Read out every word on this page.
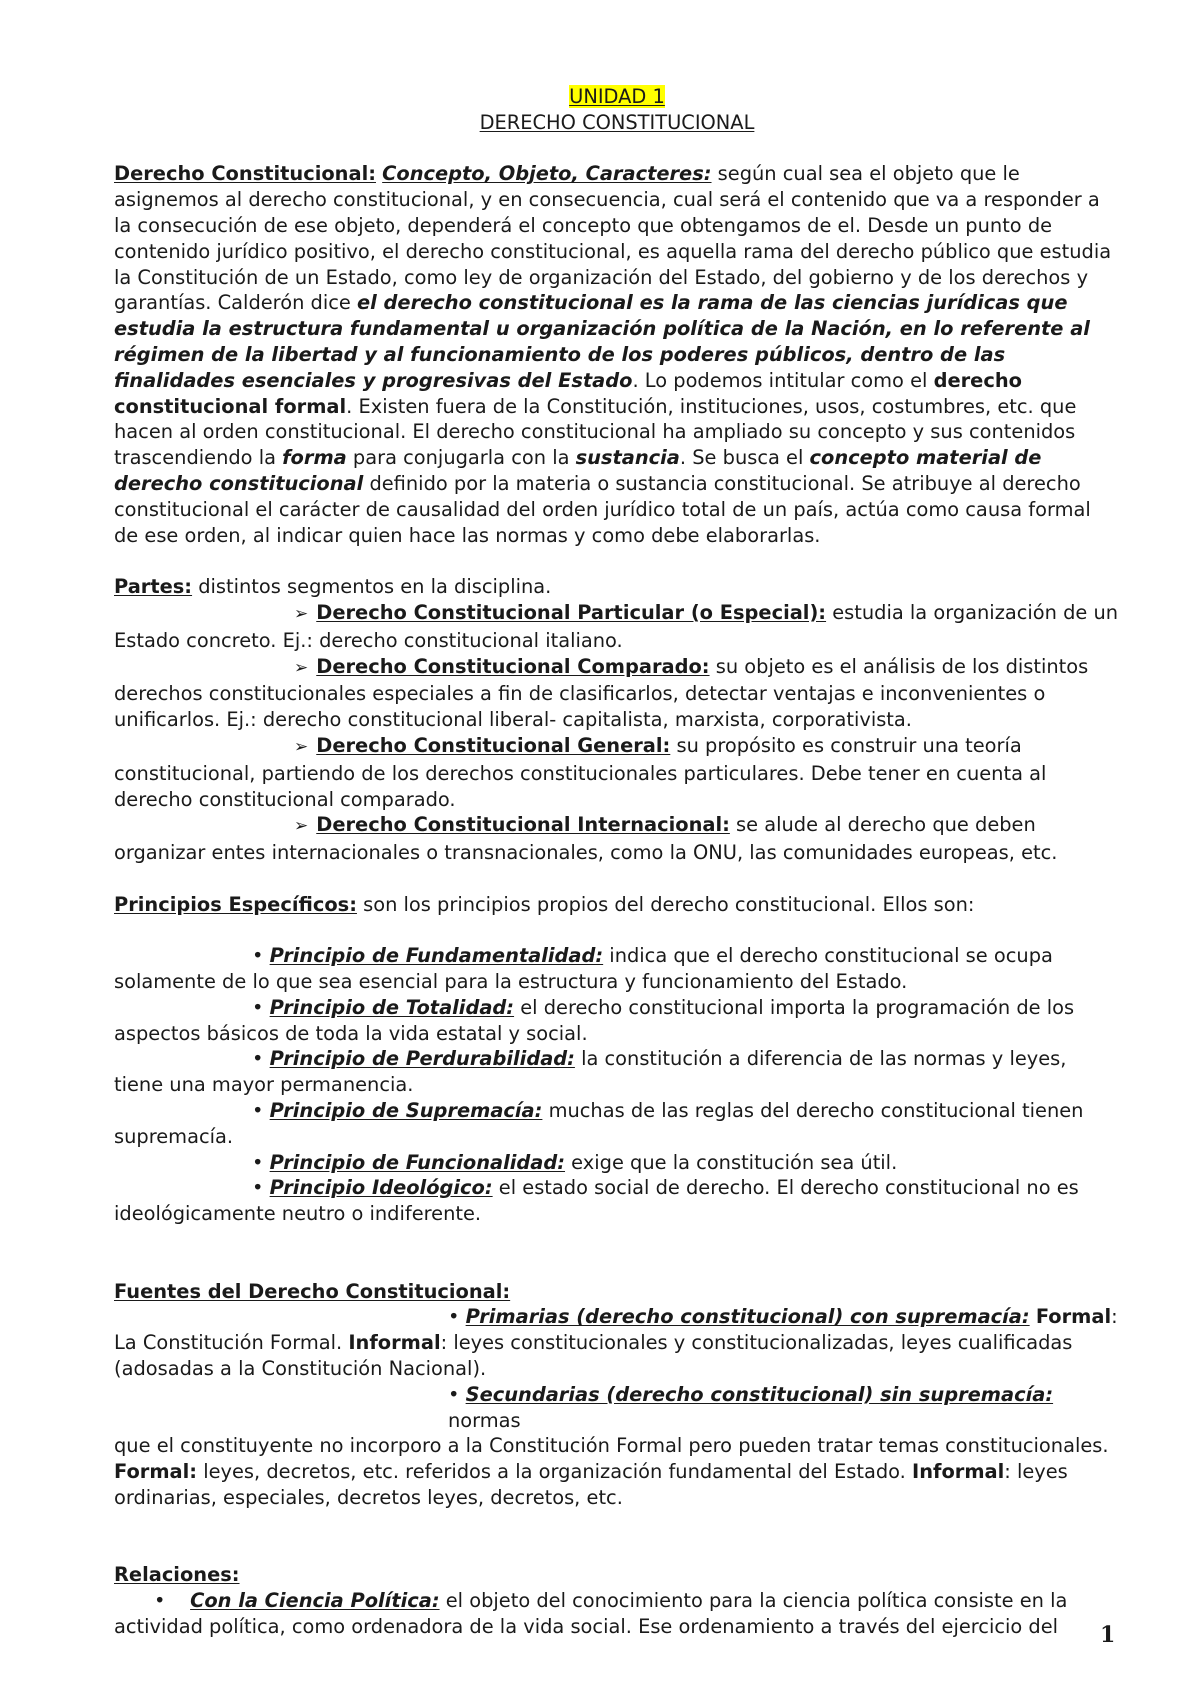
UNIDAD 1

DERECHO CONSTITUCIONAL

Derecho Constitucional: Concepto, Objeto, Caracteres: según cual sea el objeto que le asignemos al derecho constitucional, y en consecuencia, cual será el contenido que va a responder a la consecución de ese objeto, dependerá el concepto que obtengamos de el. Desde un punto de contenido jurídico positivo, el derecho constitucional, es aquella rama del derecho público que estudia la Constitución de un Estado, como ley de organización del Estado, del gobierno y de los derechos y garantías. Calderón dice el derecho constitucional es la rama de las ciencias jurídicas que estudia la estructura fundamental u organización política de la Nación, en lo referente al régimen de la libertad y al funcionamiento de los poderes públicos, dentro de las finalidades esenciales y progresivas del Estado. Lo podemos intitular como el derecho constitucional formal. Existen fuera de la Constitución, instituciones, usos, costumbres, etc. que hacen al orden constitucional. El derecho constitucional ha ampliado su concepto y sus contenidos trascendiendo la forma para conjugarla con la sustancia. Se busca el concepto material de derecho constitucional definido por la materia o sustancia constitucional. Se atribuye al derecho constitucional el carácter de causalidad del orden jurídico total de un país, actúa como causa formal de ese orden, al indicar quien hace las normas y como debe elaborarlas.

Partes: distintos segmentos en la disciplina.

➢ Derecho Constitucional Particular (o Especial): estudia la organización de un

Estado concreto. Ej.: derecho constitucional italiano.

➢ Derecho Constitucional Comparado: su objeto es el análisis de los distintos

derechos constitucionales especiales a fin de clasificarlos, detectar ventajas e inconvenientes o unificarlos. Ej.: derecho constitucional liberal- capitalista, marxista, corporativista.

➢ Derecho Constitucional General: su propósito es construir una teoría

constitucional, partiendo de los derechos constitucionales particulares. Debe tener en cuenta al derecho constitucional comparado.

➢ Derecho Constitucional Internacional: se alude al derecho que deben

organizar entes internacionales o transnacionales, como la ONU, las comunidades europeas, etc.

Principios Específicos: son los principios propios del derecho constitucional. Ellos son:

• Principio de Fundamentalidad: indica que el derecho constitucional se ocupa

solamente de lo que sea esencial para la estructura y funcionamiento del Estado.

• Principio de Totalidad: el derecho constitucional importa la programación de los

aspectos básicos de toda la vida estatal y social.

• Principio de Perdurabilidad: la constitución a diferencia de las normas y leyes,

tiene una mayor permanencia.

• Principio de Supremacía: muchas de las reglas del derecho constitucional tienen

supremacía.

• Principio de Funcionalidad: exige que la constitución sea útil.

• Principio Ideológico: el estado social de derecho. El derecho constitucional no es

ideológicamente neutro o indiferente.

Fuentes del Derecho Constitucional:

• Primarias (derecho constitucional) con supremacía: Formal:

La Constitución Formal. Informal: leyes constitucionales y constitucionalizadas, leyes cualificadas (adosadas a la Constitución Nacional).

• Secundarias (derecho constitucional) sin supremacía: normas

que el constituyente no incorporo a la Constitución Formal pero pueden tratar temas constitucionales. Formal: leyes, decretos, etc. referidos a la organización fundamental del Estado. Informal: leyes ordinarias, especiales, decretos leyes, decretos, etc.

Relaciones:

• Con la Ciencia Política: el objeto del conocimiento para la ciencia política consiste en la actividad política, como ordenadora de la vida social. Ese ordenamiento a través del ejercicio del	1
